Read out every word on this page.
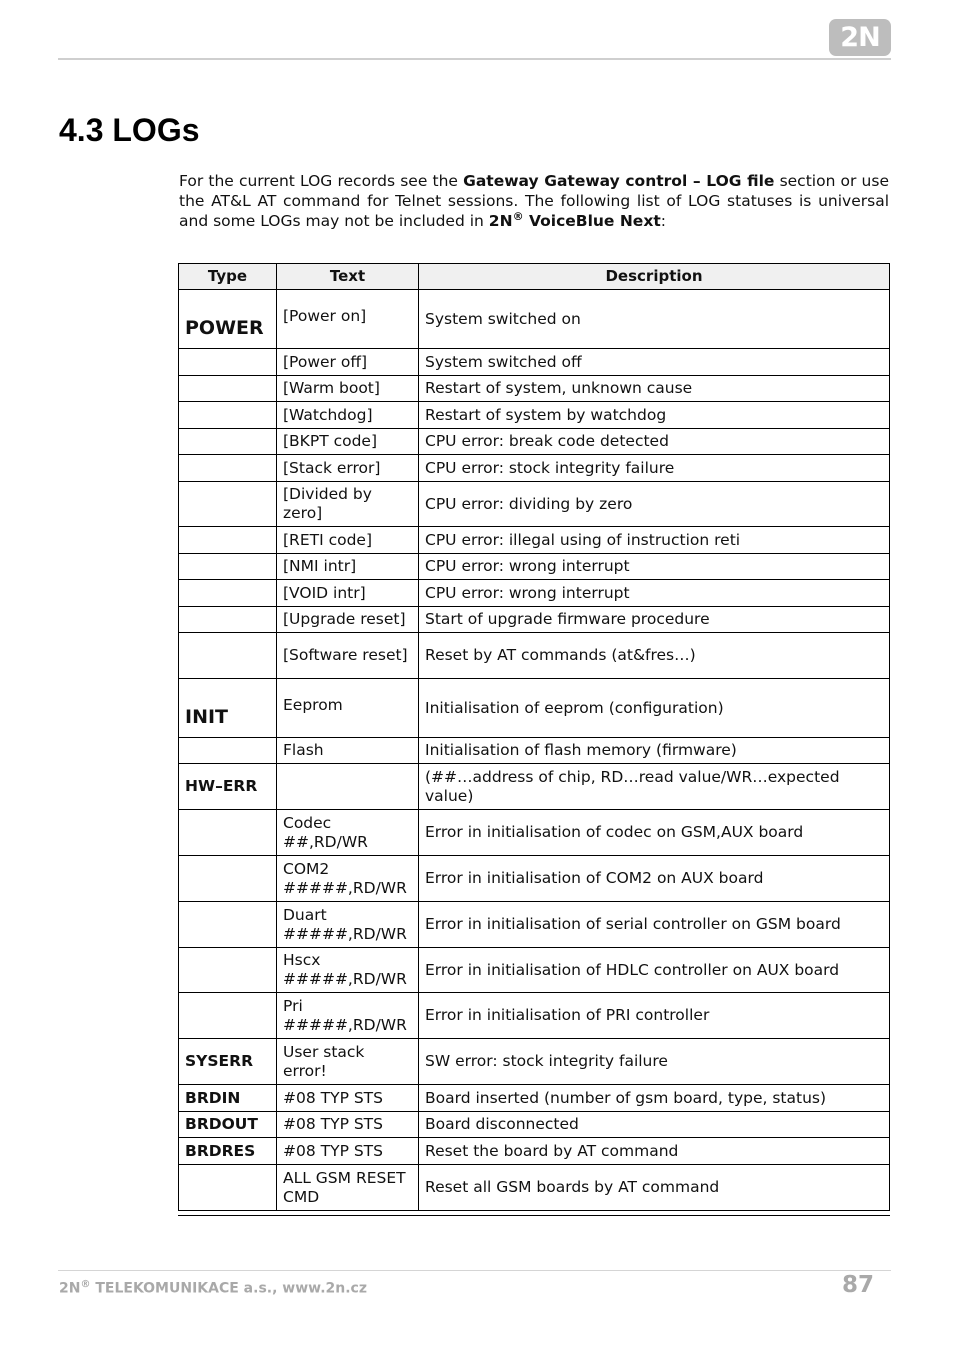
2N
4.3 LOGs

For the current LOG records see the Gateway Gateway control – LOG file section or use the AT&L AT command for Telnet sessions. The following list of LOG statuses is universal and some LOGs may not be included in 2N® VoiceBlue Next:

Type	Text	Description
POWER	[Power on]	System switched on
	[Power off]	System switched off
	[Warm boot]	Restart of system, unknown cause
	[Watchdog]	Restart of system by watchdog
	[BKPT code]	CPU error: break code detected
	[Stack error]	CPU error: stock integrity failure
	[Divided by zero]	CPU error: dividing by zero
	[RETI code]	CPU error: illegal using of instruction reti
	[NMI intr]	CPU error: wrong interrupt
	[VOID intr]	CPU error: wrong interrupt
	[Upgrade reset]	Start of upgrade firmware procedure
	[Software reset]	Reset by AT commands (at&fres…)
INIT	Eeprom	Initialisation of eeprom (configuration)
	Flash	Initialisation of flash memory (firmware)
HW–ERR		(##…address of chip, RD…read value/WR…expected value)
	Codec ##,RD/WR	Error in initialisation of codec on GSM,AUX board
	COM2 #####,RD/WR	Error in initialisation of COM2 on AUX board
	Duart #####,RD/WR	Error in initialisation of serial controller on GSM board
	Hscx #####,RD/WR	Error in initialisation of HDLC controller on AUX board
	Pri #####,RD/WR	Error in initialisation of PRI controller
SYSERR	User stack error!	SW error: stock integrity failure
BRDIN	#08 TYP STS	Board inserted (number of gsm board, type, status)
BRDOUT	#08 TYP STS	Board disconnected
BRDRES	#08 TYP STS	Reset the board by AT command
	ALL GSM RESET CMD	Reset all GSM boards by AT command
2N® TELEKOMUNIKACE a.s., www.2n.cz	87
